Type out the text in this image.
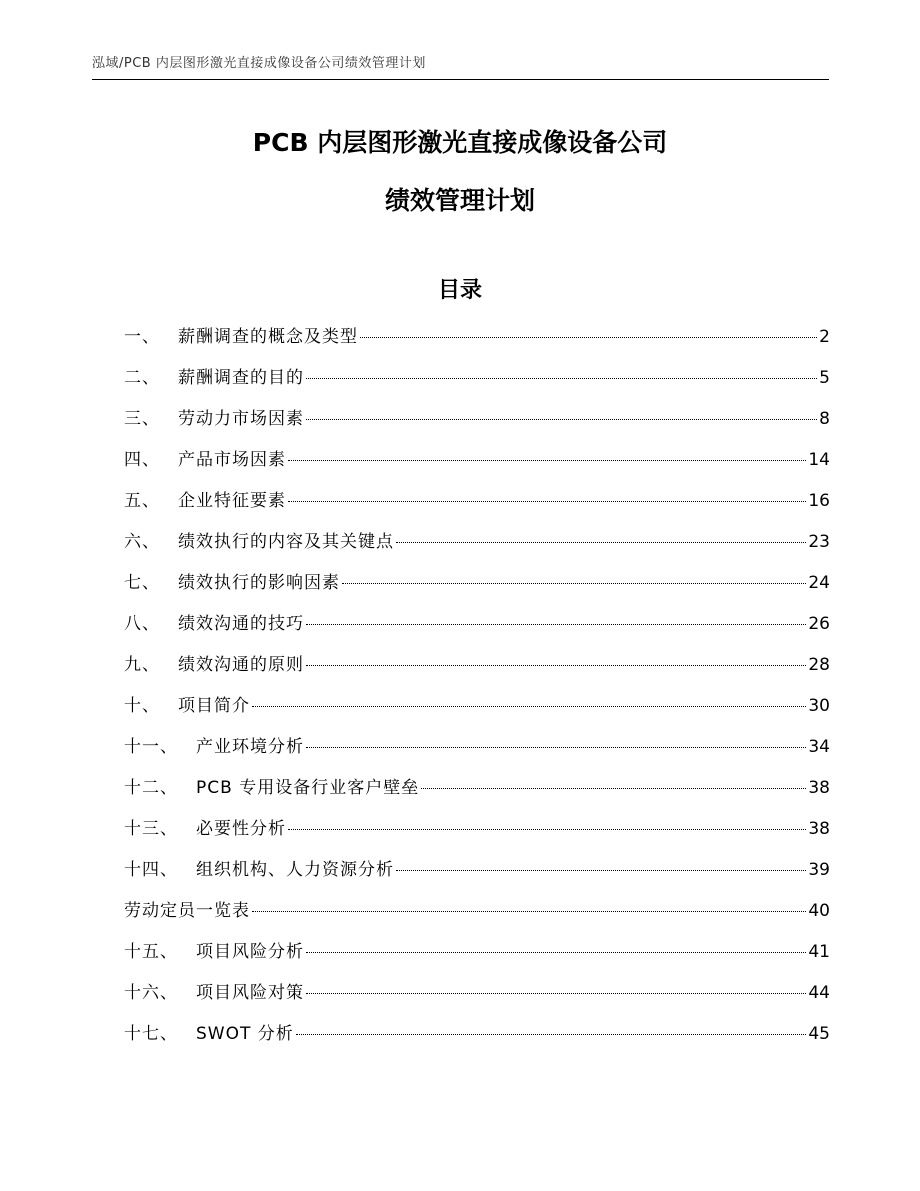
泓域/PCB 内层图形激光直接成像设备公司绩效管理计划
PCB 内层图形激光直接成像设备公司
绩效管理计划
目录
一、 薪酬调查的概念及类型	2
二、 薪酬调查的目的	5
三、 劳动力市场因素	8
四、 产品市场因素	14
五、 企业特征要素	16
六、 绩效执行的内容及其关键点	23
七、 绩效执行的影响因素	24
八、 绩效沟通的技巧	26
九、 绩效沟通的原则	28
十、 项目简介	30
十一、 产业环境分析	34
十二、 PCB 专用设备行业客户壁垒	38
十三、 必要性分析	38
十四、 组织机构、人力资源分析	39
劳动定员一览表	40
十五、 项目风险分析	41
十六、 项目风险对策	44
十七、 SWOT 分析	45
